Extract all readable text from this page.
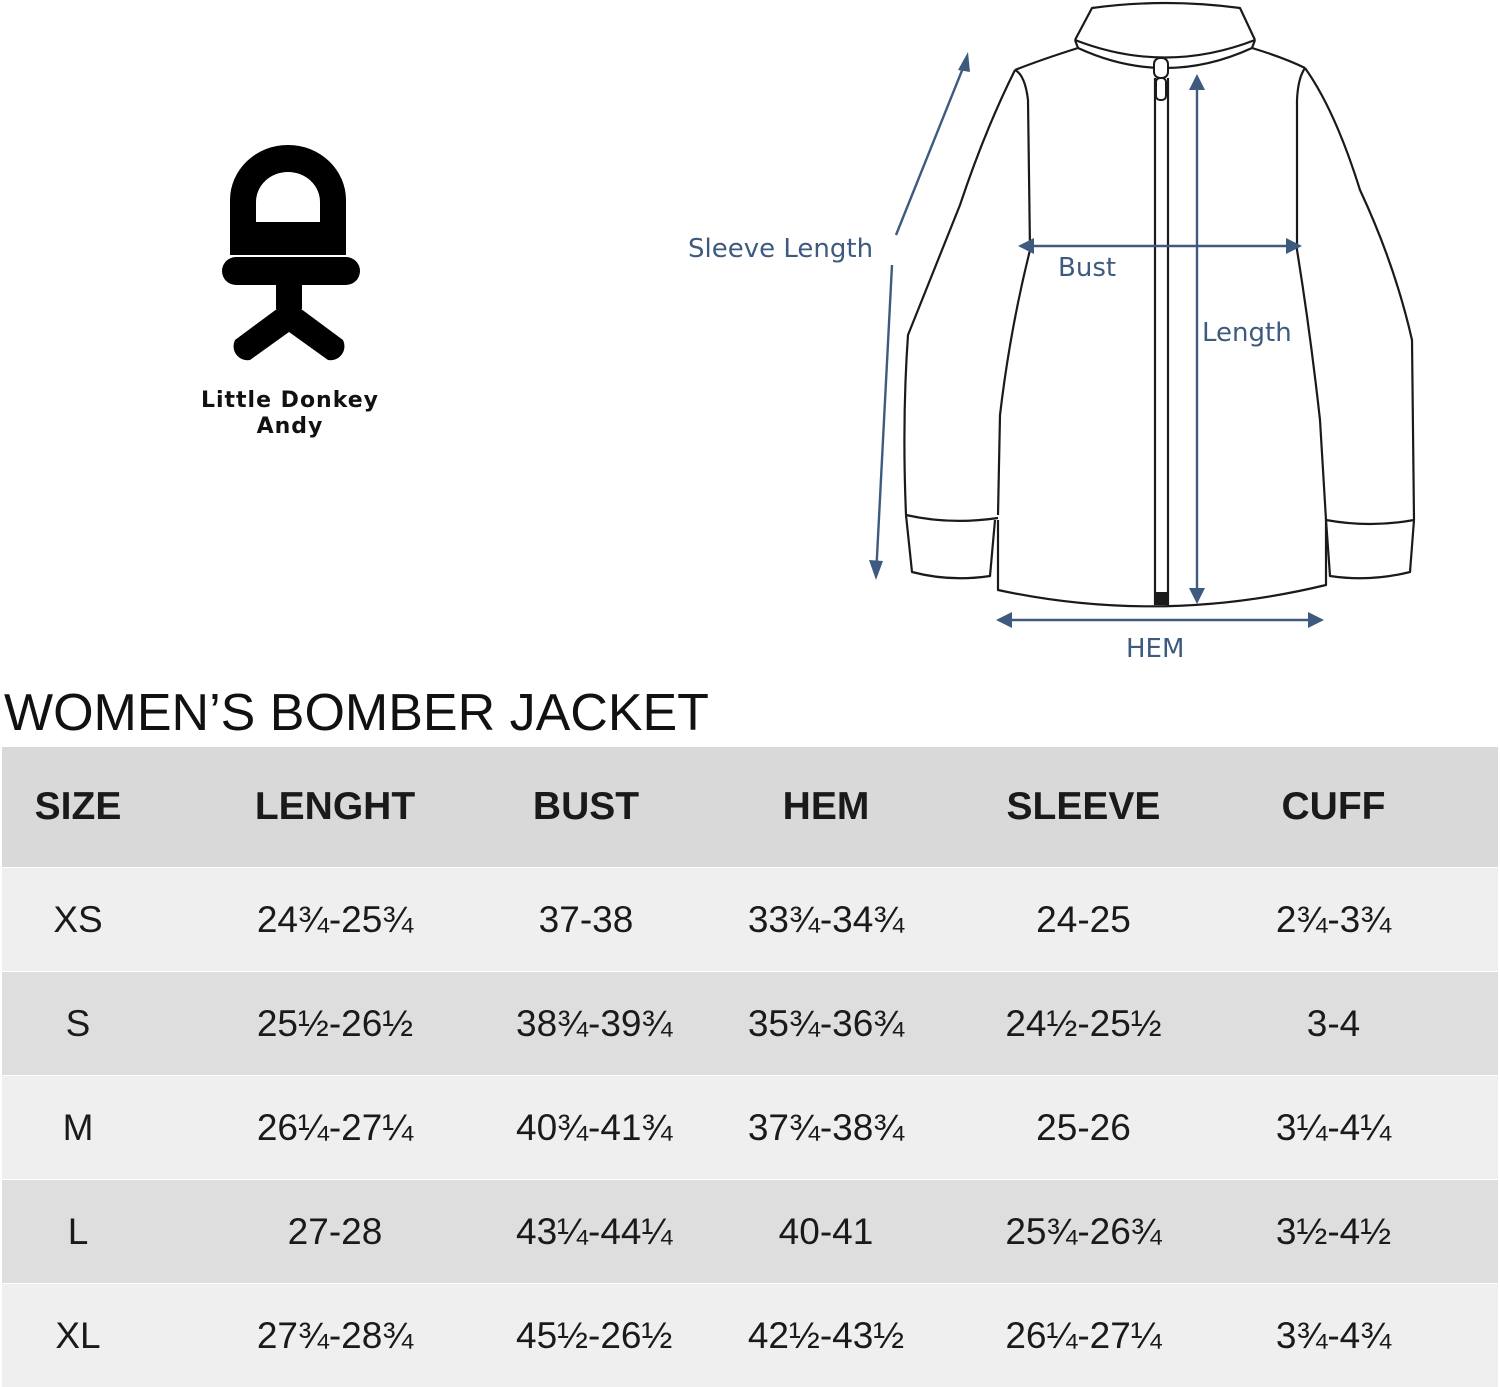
Little Donkey
Andy
Sleeve Length
Bust
Length
HEM
WOMEN’S BOMBER JACKET
SIZE	LENGHT	BUST	HEM	SLEEVE	CUFF
XS	24¾-25¾	37-38	33¾-34¾	24-25	2¾-3¾
S	25½-26½	38¾-39¾	35¾-36¾	24½-25½	3-4
M	26¼-27¼	40¾-41¾	37¾-38¾	25-26	3¼-4¼
L	27-28	43¼-44¼	40-41	25¾-26¾	3½-4½
XL	27¾-28¾	45½-26½	42½-43½	26¼-27¼	3¾-4¾
